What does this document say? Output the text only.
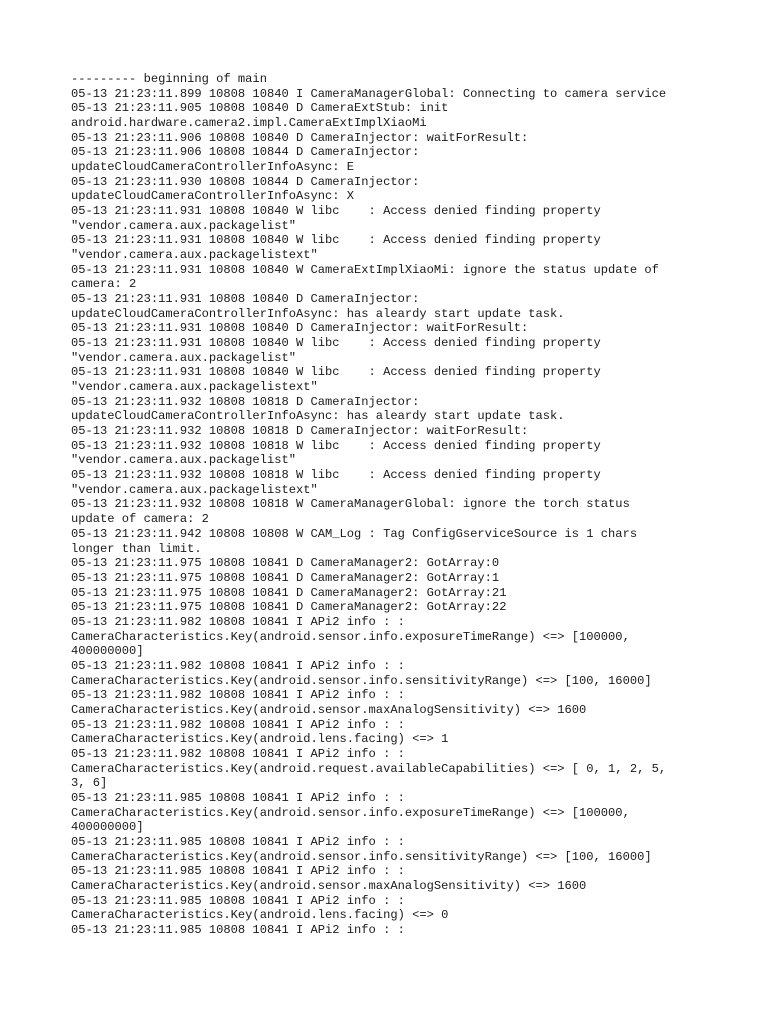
--------- beginning of main
05-13 21:23:11.899 10808 10840 I CameraManagerGlobal: Connecting to camera service
05-13 21:23:11.905 10808 10840 D CameraExtStub: init
android.hardware.camera2.impl.CameraExtImplXiaoMi
05-13 21:23:11.906 10808 10840 D CameraInjector: waitForResult:
05-13 21:23:11.906 10808 10844 D CameraInjector:
updateCloudCameraControllerInfoAsync: E
05-13 21:23:11.930 10808 10844 D CameraInjector:
updateCloudCameraControllerInfoAsync: X
05-13 21:23:11.931 10808 10840 W libc    : Access denied finding property
"vendor.camera.aux.packagelist"
05-13 21:23:11.931 10808 10840 W libc    : Access denied finding property
"vendor.camera.aux.packagelistext"
05-13 21:23:11.931 10808 10840 W CameraExtImplXiaoMi: ignore the status update of
camera: 2
05-13 21:23:11.931 10808 10840 D CameraInjector:
updateCloudCameraControllerInfoAsync: has aleardy start update task.
05-13 21:23:11.931 10808 10840 D CameraInjector: waitForResult:
05-13 21:23:11.931 10808 10840 W libc    : Access denied finding property
"vendor.camera.aux.packagelist"
05-13 21:23:11.931 10808 10840 W libc    : Access denied finding property
"vendor.camera.aux.packagelistext"
05-13 21:23:11.932 10808 10818 D CameraInjector:
updateCloudCameraControllerInfoAsync: has aleardy start update task.
05-13 21:23:11.932 10808 10818 D CameraInjector: waitForResult:
05-13 21:23:11.932 10808 10818 W libc    : Access denied finding property
"vendor.camera.aux.packagelist"
05-13 21:23:11.932 10808 10818 W libc    : Access denied finding property
"vendor.camera.aux.packagelistext"
05-13 21:23:11.932 10808 10818 W CameraManagerGlobal: ignore the torch status
update of camera: 2
05-13 21:23:11.942 10808 10808 W CAM_Log : Tag ConfigGserviceSource is 1 chars
longer than limit.
05-13 21:23:11.975 10808 10841 D CameraManager2: GotArray:0
05-13 21:23:11.975 10808 10841 D CameraManager2: GotArray:1
05-13 21:23:11.975 10808 10841 D CameraManager2: GotArray:21
05-13 21:23:11.975 10808 10841 D CameraManager2: GotArray:22
05-13 21:23:11.982 10808 10841 I APi2 info : :
CameraCharacteristics.Key(android.sensor.info.exposureTimeRange) <=> [100000,
400000000]
05-13 21:23:11.982 10808 10841 I APi2 info : :
CameraCharacteristics.Key(android.sensor.info.sensitivityRange) <=> [100, 16000]
05-13 21:23:11.982 10808 10841 I APi2 info : :
CameraCharacteristics.Key(android.sensor.maxAnalogSensitivity) <=> 1600
05-13 21:23:11.982 10808 10841 I APi2 info : :
CameraCharacteristics.Key(android.lens.facing) <=> 1
05-13 21:23:11.982 10808 10841 I APi2 info : :
CameraCharacteristics.Key(android.request.availableCapabilities) <=> [ 0, 1, 2, 5,
3, 6]
05-13 21:23:11.985 10808 10841 I APi2 info : :
CameraCharacteristics.Key(android.sensor.info.exposureTimeRange) <=> [100000,
400000000]
05-13 21:23:11.985 10808 10841 I APi2 info : :
CameraCharacteristics.Key(android.sensor.info.sensitivityRange) <=> [100, 16000]
05-13 21:23:11.985 10808 10841 I APi2 info : :
CameraCharacteristics.Key(android.sensor.maxAnalogSensitivity) <=> 1600
05-13 21:23:11.985 10808 10841 I APi2 info : :
CameraCharacteristics.Key(android.lens.facing) <=> 0
05-13 21:23:11.985 10808 10841 I APi2 info : :
